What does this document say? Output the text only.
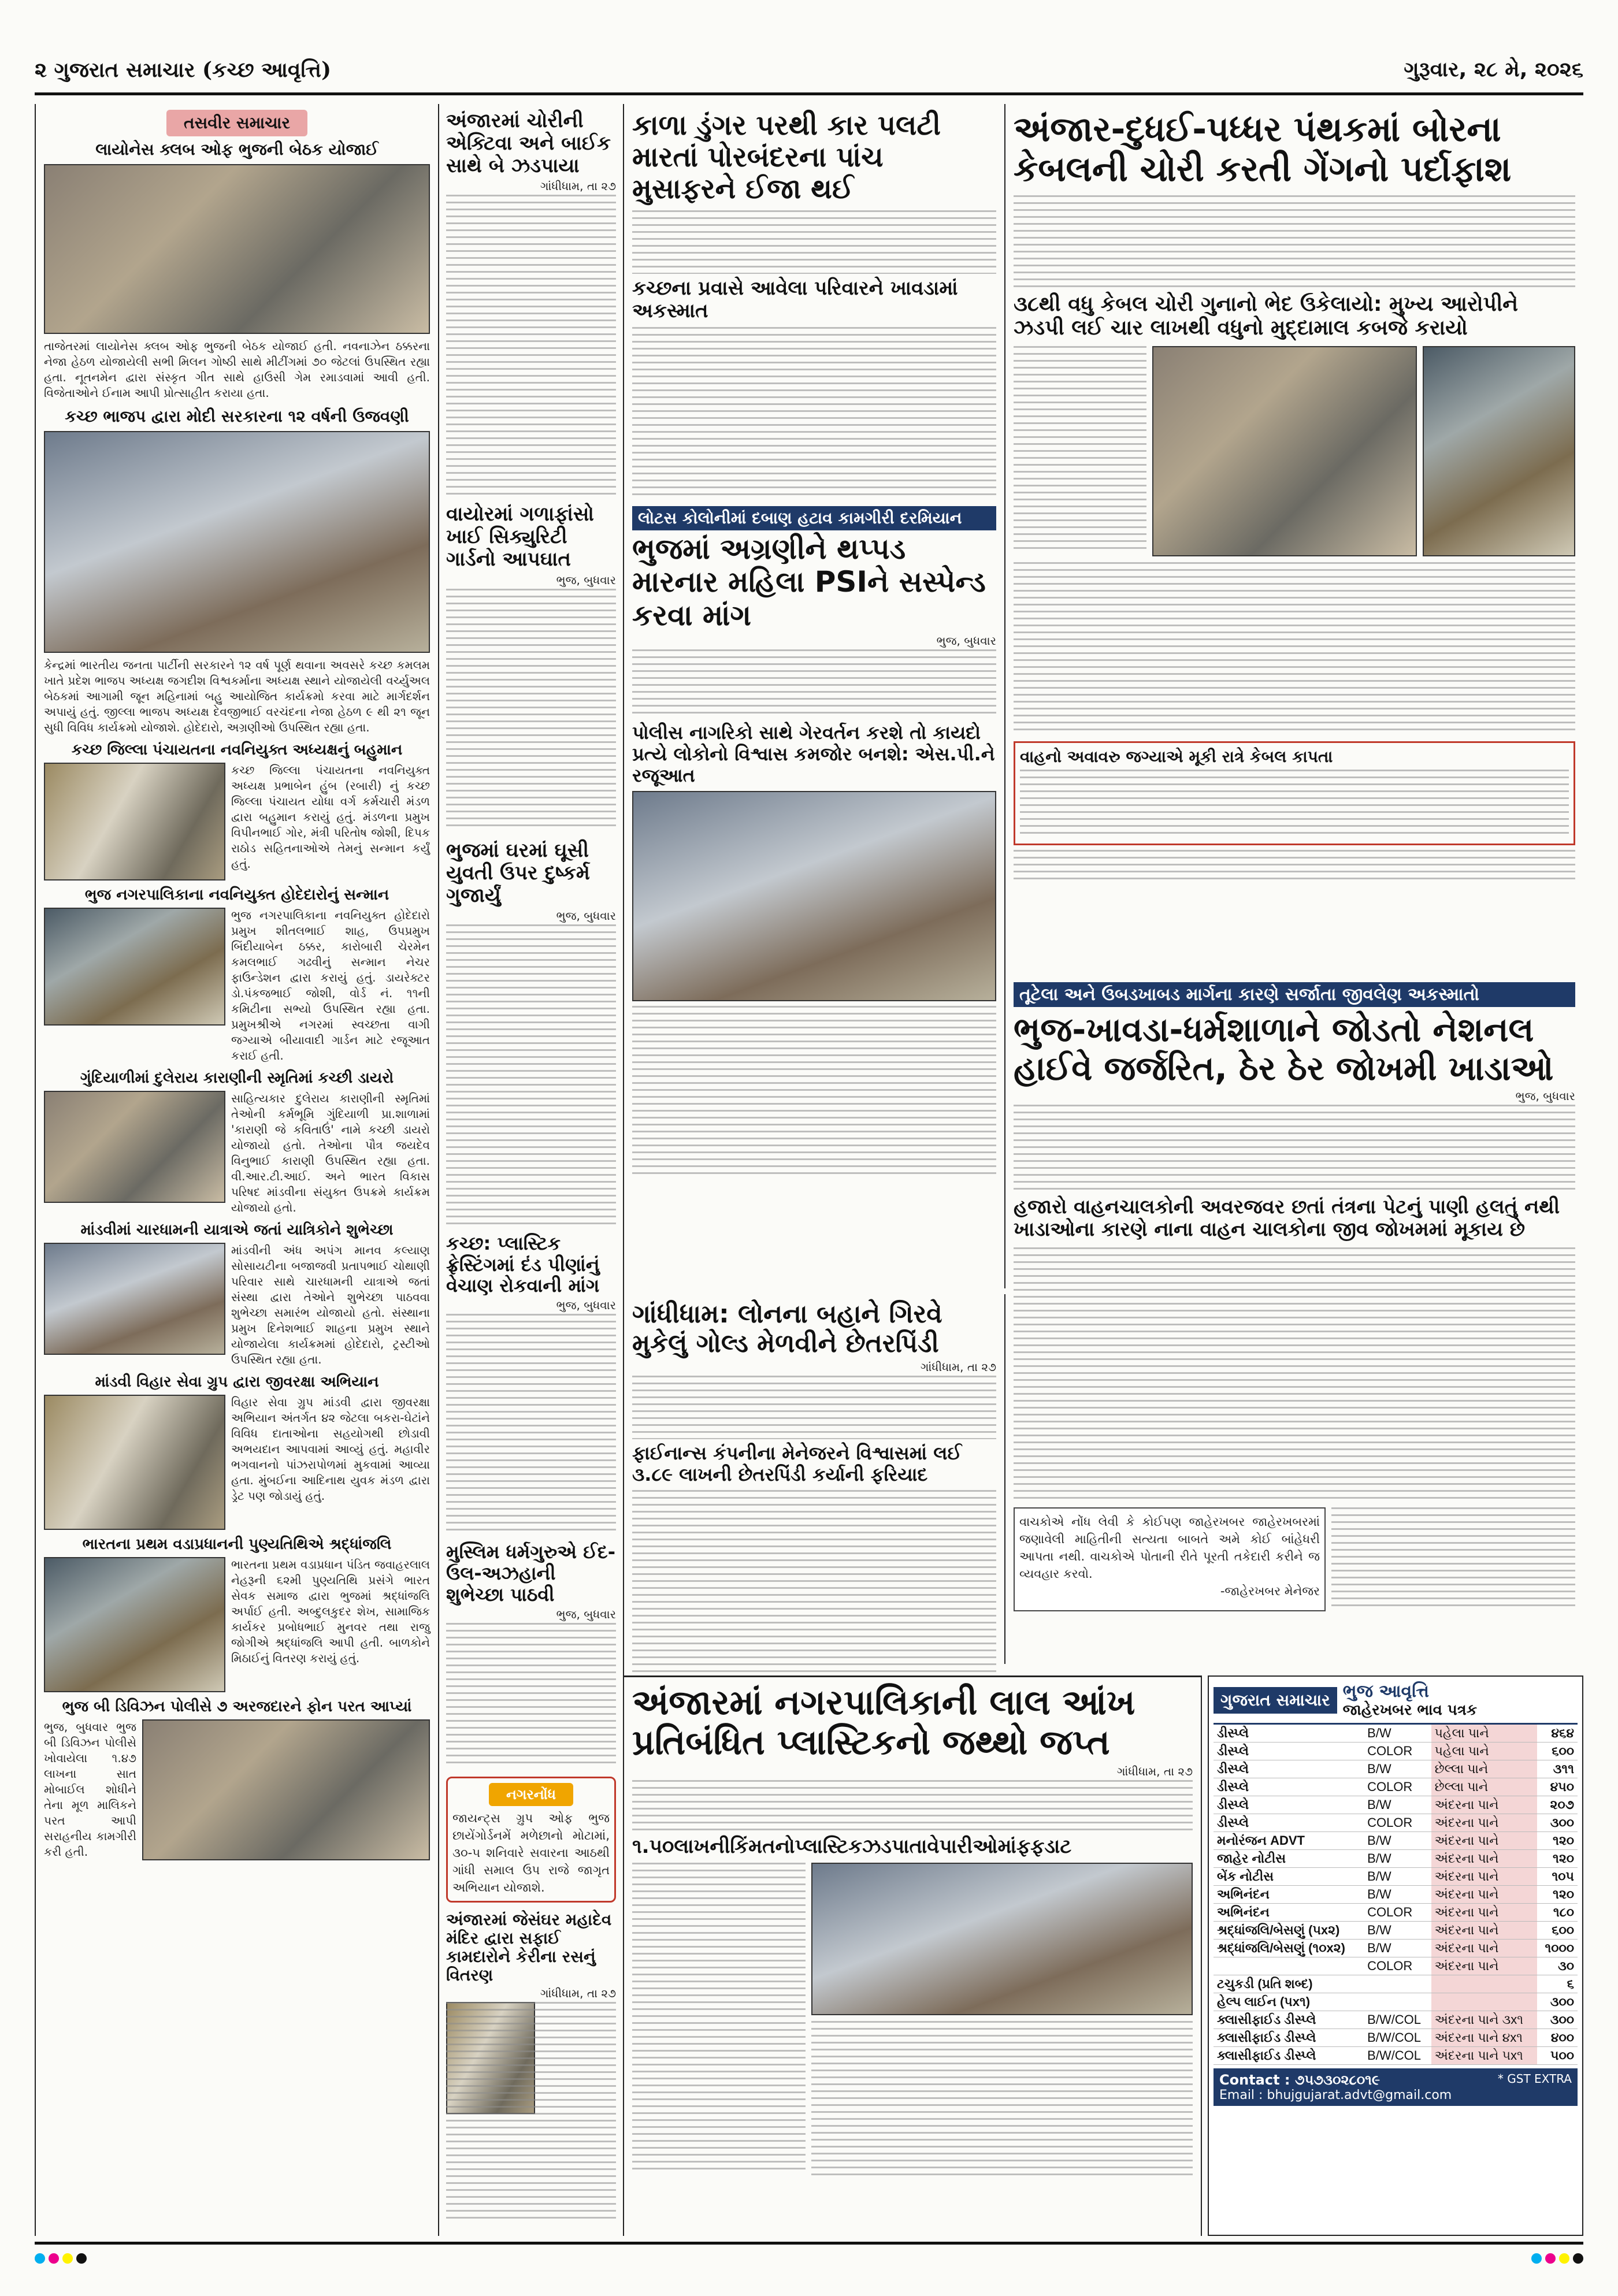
૨ ગુજરાત સમાચાર (કચ્છ આવૃત્તિ)	ગુરૂવાર, ૨૮ મે, ૨૦૨૬
તસવીર સમાચાર
લાયોનેસ ક્લબ ઓફ ભુજની બેઠક યોજાઈ
તાજેતરમાં લાયોનેસ ક્લબ ઓફ ભુજની બેઠક યોજાઈ હતી. નવનાઝેન ઠક્કરના નેજા હેઠળ યોજાયેલી સભી મિલન ગોષ્ઠી સાથે મીટીંગમાં ૭૦ જેટલાં ઉપસ્થિત રહ્યા હતા. નૂતનમેન દ્વારા સંસ્કૃત ગીત સાથે હાઉસી ગેમ રમાડવામાં આવી હતી. વિજેતાઓને ઈનામ આપી પ્રોત્સાહીત કરાયા હતા.
કચ્છ ભાજપ દ્વારા મોદી સરકારના ૧૨ વર્ષની ઉજવણી
કેન્દ્રમાં ભારતીય જનતા પાર્ટીની સરકારને ૧૨ વર્ષ પૂર્ણ થવાના અવસરે કચ્છ કમલમ ખાતે પ્રદેશ ભાજપ અધ્યક્ષ જગદીશ વિશ્વકર્માના અધ્યક્ષ સ્થાને યોજાયેલી વર્ચ્યુઅલ બેઠકમાં આગામી જૂન મહિનામાં બહુ આયોજિત કાર્યક્રમો કરવા માટે માર્ગદર્શન અપાયું હતું. જીલ્લા ભાજપ અધ્યક્ષ દેવજીભાઈ વરચંદના નેજા હેઠળ ૯ થી ૨૧ જૂન સુધી વિવિધ કાર્યક્રમો યોજાશે. હોદેદારો, અગ્રણીઓ ઉપસ્થિત રહ્યા હતા.
કચ્છ જિલ્લા પંચાયતના નવનિયુક્ત અધ્યક્ષનું બહુમાન
કચ્છ જિલ્લા પંચાયતના નવનિયુક્ત અધ્યક્ષ પ્રભાબેન હુંબ (રબારી) નું કચ્છ જિલ્લા પંચાયત યોધા વર્ગ કર્મચારી મંડળ દ્વારા બહુમાન કરાયું હતું. મંડળના પ્રમુખ વિપીનભાઈ ગોર, મંત્રી પરિતોષ જોશી, દિપક રાઠોડ સહિતનાઓએ તેમનું સન્માન કર્યું હતું.
ભુજ નગરપાલિકાના નવનિયુક્ત હોદેદારોનું સન્માન
ભુજ નગરપાલિકાના નવનિયુક્ત હોદેદારો પ્રમુખ શીતલભાઈ શાહ, ઉપપ્રમુખ બિંદીયાબેન ઠક્કર, કારોબારી ચેરમેન કમલભાઈ ગઢવીનું સન્માન નેચર ફાઉન્ડેશન દ્વારા કરાયું હતું. ડાયરેક્ટર ડો.પંકજભાઈ જોશી, વોર્ડ નં. ૧૧ની કમિટીના સભ્યો ઉપસ્થિત રહ્યા હતા. પ્રમુખશ્રીએ નગરમાં સ્વચ્છતા વાગી જગ્યાએ બીયાવાદી ગાર્ડન માટે રજૂઆત કરાઈ હતી.
ગુંદિયાળીમાં દુલેરાય કારાણીની સ્મૃતિમાં કચ્છી ડાયરો
સાહિત્યકાર દુલેરાય કારાણીની સ્મૃતિમાં તેઓની કર્મભૂમિ ગુંદિયાળી પ્રા.શાળામાં 'કારાણી જે કવિતાઉં' નામે કચ્છી ડાયરો યોજાયો હતો. તેઓના પૌત્ર જયદેવ વિનુભાઈ કારાણી ઉપસ્થિત રહ્યા હતા. વી.આર.ટી.આઈ. અને ભારત વિકાસ પરિષદ માંડવીના સંયુક્ત ઉપક્રમે કાર્યક્રમ યોજાયો હતો.
માંડવીમાં ચારધામની યાત્રાએ જતાં યાત્રિકોને શુભેચ્છા
માંડવીની અંધ અપંગ માનવ કલ્યાણ સોસાયટીના બજાજવી પ્રતાપભાઈ ચોથાણી પરિવાર સાથે ચારધામની યાત્રાએ જતાં સંસ્થા દ્વારા તેઓને શુભેચ્છા પાઠવવા શુભેચ્છા સમારંભ યોજાયો હતો. સંસ્થાના પ્રમુખ દિનેશભાઈ શાહના પ્રમુખ સ્થાને યોજાયેલા કાર્યક્રમમાં હોદેદારો, ટ્રસ્ટીઓ ઉપસ્થિત રહ્યા હતા.
માંડવી વિહાર સેવા ગ્રુપ દ્વારા જીવરક્ષા અભિયાન
વિહાર સેવા ગ્રુપ માંડવી દ્વારા જીવરક્ષા અભિયાન અંતર્ગત ૪૨ જેટલા બકરા-ઘેટાંને વિવિધ દાતાઓના સહયોગથી છોડાવી અભયદાન આપવામાં આવ્યું હતું. મહાવીર ભગવાનનો પાંઝરાપોળમાં મુકવામાં આવ્યા હતા. મુંબઈના આદિનાથ યુવક મંડળ દ્વારા ડ્રેટ પણ જોડાયું હતું.
ભારતના પ્રથમ વડાપ્રધાનની પુણ્યતિથિએ શ્રદ્ધાંજલિ
ભારતના પ્રથમ વડાપ્રધાન પંડિત જવાહરલાલ નેહરૂની ૬૨મી પુણ્યતિથિ પ્રસંગે ભારત સેવક સમાજ દ્વારા ભુજમાં શ્રદ્ધાંજલિ અર્પાઈ હતી. અબ્દુલકુદર શેખ, સામાજિક કાર્યકર પ્રબોધભાઈ મુનવર તથા રાજુ જોગીએ શ્રદ્ધાંજલિ આપી હતી. બાળકોને મિઠાઈનું વિતરણ કરાયું હતું.
ભુજ બી ડિવિઝન પોલીસે ૭ અરજદારને ફોન પરત આપ્યાં
ભુજ, બુધવાર ભુજ બી ડિવિઝન પોલીસે ખોવાયેલા ૧.૪૭ લાખના સાત મોબાઈલ શોધીને તેના મૂળ માલિકને પરત આપી સરાહનીય કામગીરી કરી હતી.
અંજારમાં ચોરીની એક્ટિવા અને બાઈક સાથે બે ઝડપાયા
ગાંધીધામ, તા ૨૭
વાયોરમાં ગળાફાંસો ખાઈ સિક્યુરિટી ગાર્ડનો આપઘાત
ભુજ, બુધવાર
ભુજમાં ઘરમાં ઘૂસી યુવતી ઉપર દુષ્કર્મ ગુજાર્યું
ભુજ, બુધવાર
કચ્છ: પ્લાસ્ટિક ફ્રેસ્ટિંગમાં દંડ પીણાંનું વેચાણ રોકવાની માંગ
ભુજ, બુધવાર
મુસ્લિમ ધર્મગુરુએ ઈદ-ઉલ-અઝહાની શુભેચ્છા પાઠવી
ભુજ, બુધવાર
નગરનોંધ
જાયન્ટ્સ ગ્રુપ ઓફ ભુજ છાયેંગોર્ડનમેં મળેછાનો મોટામાં, ૩૦-૫ શનિવારે સવારના આઠથી ગાંધી સમાલ ઉપ રાજે જાગૃત અભિયાન યોજાશે.
અંજારમાં જેસંઘર મહાદેવ મંદિર દ્વારા સફાઈ કામદારોને કેરીના રસનું વિતરણ
ગાંધીધામ, તા ૨૭
કાળા ડુંગર પરથી કાર પલટી મારતાં પોરબંદરના પાંચ મુસાફરને ઈજા થઈ
કચ્છના પ્રવાસે આવેલા પરિવારને ખાવડામાં અકસ્માત
લોટસ કોલોનીમાં દબાણ હટાવ કામગીરી દરમિયાન
ભુજમાં અગ્રણીને થપ્પડ મારનાર મહિલા PSIને સસ્પેન્ડ કરવા માંગ
ભુજ, બુધવાર
પોલીસ નાગરિકો સાથે ગેરવર્તન કરશે તો કાયદો પ્રત્યે લોકોનો વિશ્વાસ કમજોર બનશે: એસ.પી.ને રજૂઆત
અંજાર-દુધઈ-પધ્ધર પંથકમાં બોરના કેબલની ચોરી કરતી ગેંગનો પર્દાફાશ
૩૮થી વધુ કેબલ ચોરી ગુનાનો ભેદ ઉકેલાયો: મુખ્ય આરોપીને ઝડપી લઈ ચાર લાખથી વધુનો મુદ્દામાલ કબજે કરાયો
વાહનો અવાવરુ જગ્યાએ મૂકી રાત્રે કેબલ કાપતા
તૂટેલા અને ઉબડખાબડ માર્ગના કારણે સર્જાતા જીવલેણ અકસ્માતો
ભુજ-ખાવડા-ધર્મશાળાને જોડતો નેશનલ હાઈવે જર્જરિત, ઠેર ઠેર જોખમી ખાડાઓ
ભુજ, બુધવાર
હજારો વાહનચાલકોની અવરજવર છતાં તંત્રના પેટનું પાણી હલતું નથી ખાડાઓના કારણે નાના વાહન ચાલકોના જીવ જોખમમાં મૂકાય છે
વાચકોએ નોંધ લેવી કે કોઈપણ જાહેરખબર જાહેરખબરમાં જણાવેલી માહિતીની સત્યતા બાબતે અમે કોઈ બાંહેધરી આપતા નથી. વાચકોએ પોતાની રીતે પૂરતી તકેદારી કરીને જ વ્યવહાર કરવો.
-જાહેરખબર મેનેજર
ગાંધીધામ: લોનના બહાને ગિરવે મુકેલું ગોલ્ડ મેળવીને છેતરપિંડી
ગાંધીધામ, તા ૨૭
ફાઈનાન્સ કંપનીના મેનેજરને વિશ્વાસમાં લઈ ૩.૮૯ લાખની છેતરપિંડી કર્યાની ફરિયાદ
અંજારમાં નગરપાલિકાની લાલ આંખ પ્રતિબંધિત પ્લાસ્ટિકનો જથ્થો જપ્ત
ગાંધીધામ, તા ૨૭
૧.૫૦લાખનીકિંમતનોપ્લાસ્ટિકઝડપાતાવેપારીઓમાંફફડાટ
ગુજરાત સમાચાર ભુજ આવૃત્તિ
જાહેરખબર ભાવ પત્રક
ડીસ્પ્લે	B/W	પહેલા પાને	૪૬૪
ડીસ્પ્લે	COLOR	પહેલા પાને	૬૦૦
ડીસ્પ્લે	B/W	છેલ્લા પાને	૩૧૧
ડીસ્પ્લે	COLOR	છેલ્લા પાને	૪૫૦
ડીસ્પ્લે	B/W	અંદરના પાને	૨૦૭
ડીસ્પ્લે	COLOR	અંદરના પાને	૩૦૦
મનોરંજન ADVT	B/W	અંદરના પાને	૧૨૦
જાહેર નોટીસ	B/W	અંદરના પાને	૧૨૦
બેંક નોટીસ	B/W	અંદરના પાને	૧૦૫
અભિનંદન	B/W	અંદરના પાને	૧૨૦
અભિનંદન	COLOR	અંદરના પાને	૧૮૦
શ્રદ્ધાંજલિ/બેસણું (૫x૨)	B/W	અંદરના પાને	૬૦૦
શ્રદ્ધાંજલિ/બેસણું (૧૦x૨)	B/W	અંદરના પાને	૧૦૦૦
	COLOR	અંદરના પાને	૩૦
ટચુકડી (પ્રતિ શબ્દ)			૬
હેલ્પ લાઈન (૫x૧)			૩૦૦
ક્લાસીફાઈડ ડીસ્પ્લે	B/W/COL	અંદરના પાને ૩x૧	૩૦૦
ક્લાસીફાઈડ ડીસ્પ્લે	B/W/COL	અંદરના પાને ૪x૧	૪૦૦
ક્લાસીફાઈડ ડીસ્પ્લે	B/W/COL	અંદરના પાને ૫x૧	૫૦૦
Contact : ૭૫૭૩૦૨૮૦૧૯	* GST EXTRA
Email : bhujgujarat.advt@gmail.com
